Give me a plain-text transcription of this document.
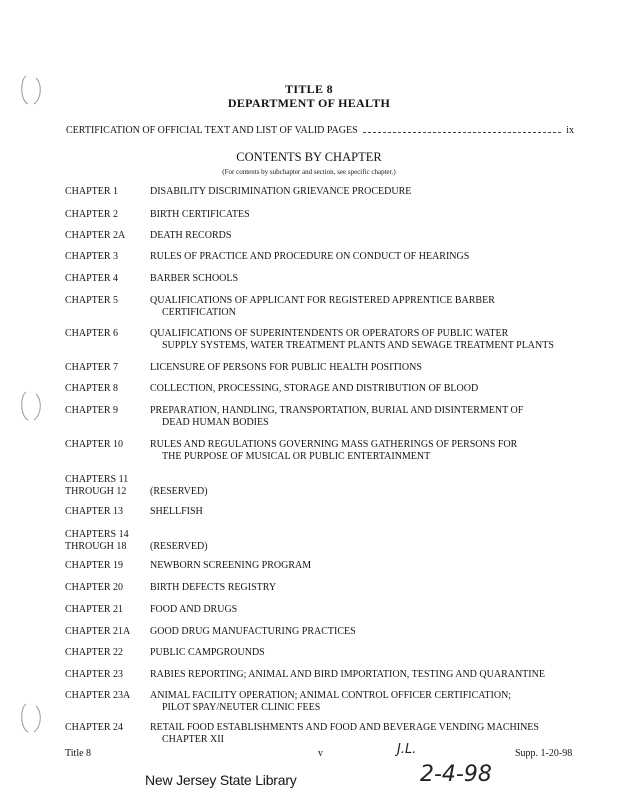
TITLE 8
DEPARTMENT OF HEALTH
CERTIFICATION OF OFFICIAL TEXT AND LIST OF VALID PAGES	ix
CONTENTS BY CHAPTER
(For contents by subchapter and section, see specific chapter.)
CHAPTER 1	DISABILITY DISCRIMINATION GRIEVANCE PROCEDURE
CHAPTER 2	BIRTH CERTIFICATES
CHAPTER 2A	DEATH RECORDS
CHAPTER 3	RULES OF PRACTICE AND PROCEDURE ON CONDUCT OF HEARINGS
CHAPTER 4	BARBER SCHOOLS
CHAPTER 5	QUALIFICATIONS OF APPLICANT FOR REGISTERED APPRENTICE BARBER
CERTIFICATION
CHAPTER 6	QUALIFICATIONS OF SUPERINTENDENTS OR OPERATORS OF PUBLIC WATER
SUPPLY SYSTEMS, WATER TREATMENT PLANTS AND SEWAGE TREATMENT PLANTS
CHAPTER 7	LICENSURE OF PERSONS FOR PUBLIC HEALTH POSITIONS
CHAPTER 8	COLLECTION, PROCESSING, STORAGE AND DISTRIBUTION OF BLOOD
CHAPTER 9	PREPARATION, HANDLING, TRANSPORTATION, BURIAL AND DISINTERMENT OF
DEAD HUMAN BODIES
CHAPTER 10	RULES AND REGULATIONS GOVERNING MASS GATHERINGS OF PERSONS FOR
THE PURPOSE OF MUSICAL OR PUBLIC ENTERTAINMENT
CHAPTERS 11
THROUGH 12
	(RESERVED)
CHAPTER 13	SHELLFISH
CHAPTERS 14
THROUGH 18
	(RESERVED)
CHAPTER 19	NEWBORN SCREENING PROGRAM
CHAPTER 20	BIRTH DEFECTS REGISTRY
CHAPTER 21	FOOD AND DRUGS
CHAPTER 21A	GOOD DRUG MANUFACTURING PRACTICES
CHAPTER 22	PUBLIC CAMPGROUNDS
CHAPTER 23	RABIES REPORTING; ANIMAL AND BIRD IMPORTATION, TESTING AND QUARANTINE
CHAPTER 23A	ANIMAL FACILITY OPERATION; ANIMAL CONTROL OFFICER CERTIFICATION;
PILOT SPAY/NEUTER CLINIC FEES
CHAPTER 24	RETAIL FOOD ESTABLISHMENTS AND FOOD AND BEVERAGE VENDING MACHINES
CHAPTER XII
Title 8	v	Supp. 1-20-98
J.L.
2-4-98
New Jersey State Library
